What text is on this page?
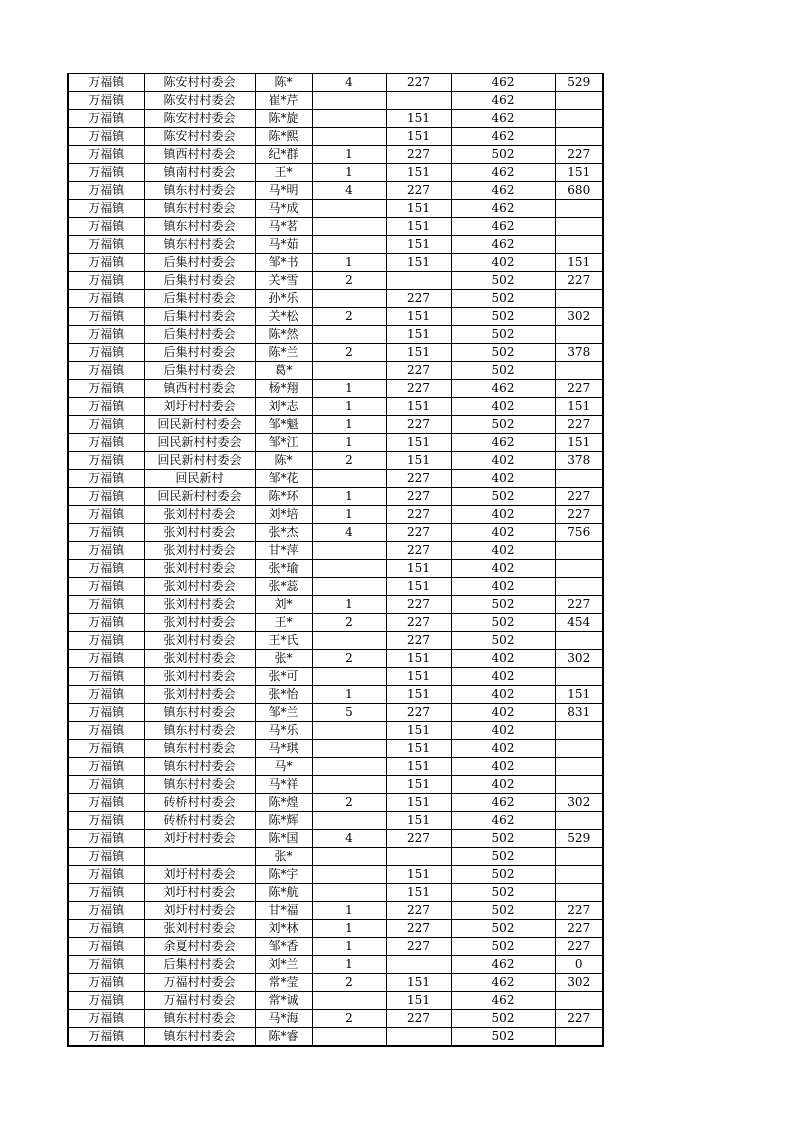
万福镇	陈安村村委会	陈*	4	227	462	529
万福镇	陈安村村委会	崔*芹			462	
万福镇	陈安村村委会	陈*旋		151	462	
万福镇	陈安村村委会	陈*熙		151	462	
万福镇	镇西村村委会	纪*群	1	227	502	227
万福镇	镇南村村委会	王*	1	151	462	151
万福镇	镇东村村委会	马*明	4	227	462	680
万福镇	镇东村村委会	马*成		151	462	
万福镇	镇东村村委会	马*茗		151	462	
万福镇	镇东村村委会	马*茹		151	462	
万福镇	后集村村委会	邹*书	1	151	402	151
万福镇	后集村村委会	关*雪	2		502	227
万福镇	后集村村委会	孙*乐		227	502	
万福镇	后集村村委会	关*松	2	151	502	302
万福镇	后集村村委会	陈*然		151	502	
万福镇	后集村村委会	陈*兰	2	151	502	378
万福镇	后集村村委会	葛*		227	502	
万福镇	镇西村村委会	杨*翔	1	227	462	227
万福镇	刘圩村村委会	刘*志	1	151	402	151
万福镇	回民新村村委会	邹*魁	1	227	502	227
万福镇	回民新村村委会	邹*江	1	151	462	151
万福镇	回民新村村委会	陈*	2	151	402	378
万福镇	回民新村	邹*花		227	402	
万福镇	回民新村村委会	陈*环	1	227	502	227
万福镇	张刘村村委会	刘*培	1	227	402	227
万福镇	张刘村村委会	张*杰	4	227	402	756
万福镇	张刘村村委会	甘*萍		227	402	
万福镇	张刘村村委会	张*瑜		151	402	
万福镇	张刘村村委会	张*蕊		151	402	
万福镇	张刘村村委会	刘*	1	227	502	227
万福镇	张刘村村委会	王*	2	227	502	454
万福镇	张刘村村委会	王*氏		227	502	
万福镇	张刘村村委会	张*	2	151	402	302
万福镇	张刘村村委会	张*可		151	402	
万福镇	张刘村村委会	张*怡	1	151	402	151
万福镇	镇东村村委会	邹*兰	5	227	402	831
万福镇	镇东村村委会	马*乐		151	402	
万福镇	镇东村村委会	马*琪		151	402	
万福镇	镇东村村委会	马*		151	402	
万福镇	镇东村村委会	马*祥		151	402	
万福镇	砖桥村村委会	陈*煌	2	151	462	302
万福镇	砖桥村村委会	陈*辉		151	462	
万福镇	刘圩村村委会	陈*国	4	227	502	529
万福镇		张*			502	
万福镇	刘圩村村委会	陈*宇		151	502	
万福镇	刘圩村村委会	陈*航		151	502	
万福镇	刘圩村村委会	甘*福	1	227	502	227
万福镇	张刘村村委会	刘*林	1	227	502	227
万福镇	余夏村村委会	邹*香	1	227	502	227
万福镇	后集村村委会	刘*兰	1		462	0
万福镇	万福村村委会	常*莹	2	151	462	302
万福镇	万福村村委会	常*诚		151	462	
万福镇	镇东村村委会	马*海	2	227	502	227
万福镇	镇东村村委会	陈*睿			502	
